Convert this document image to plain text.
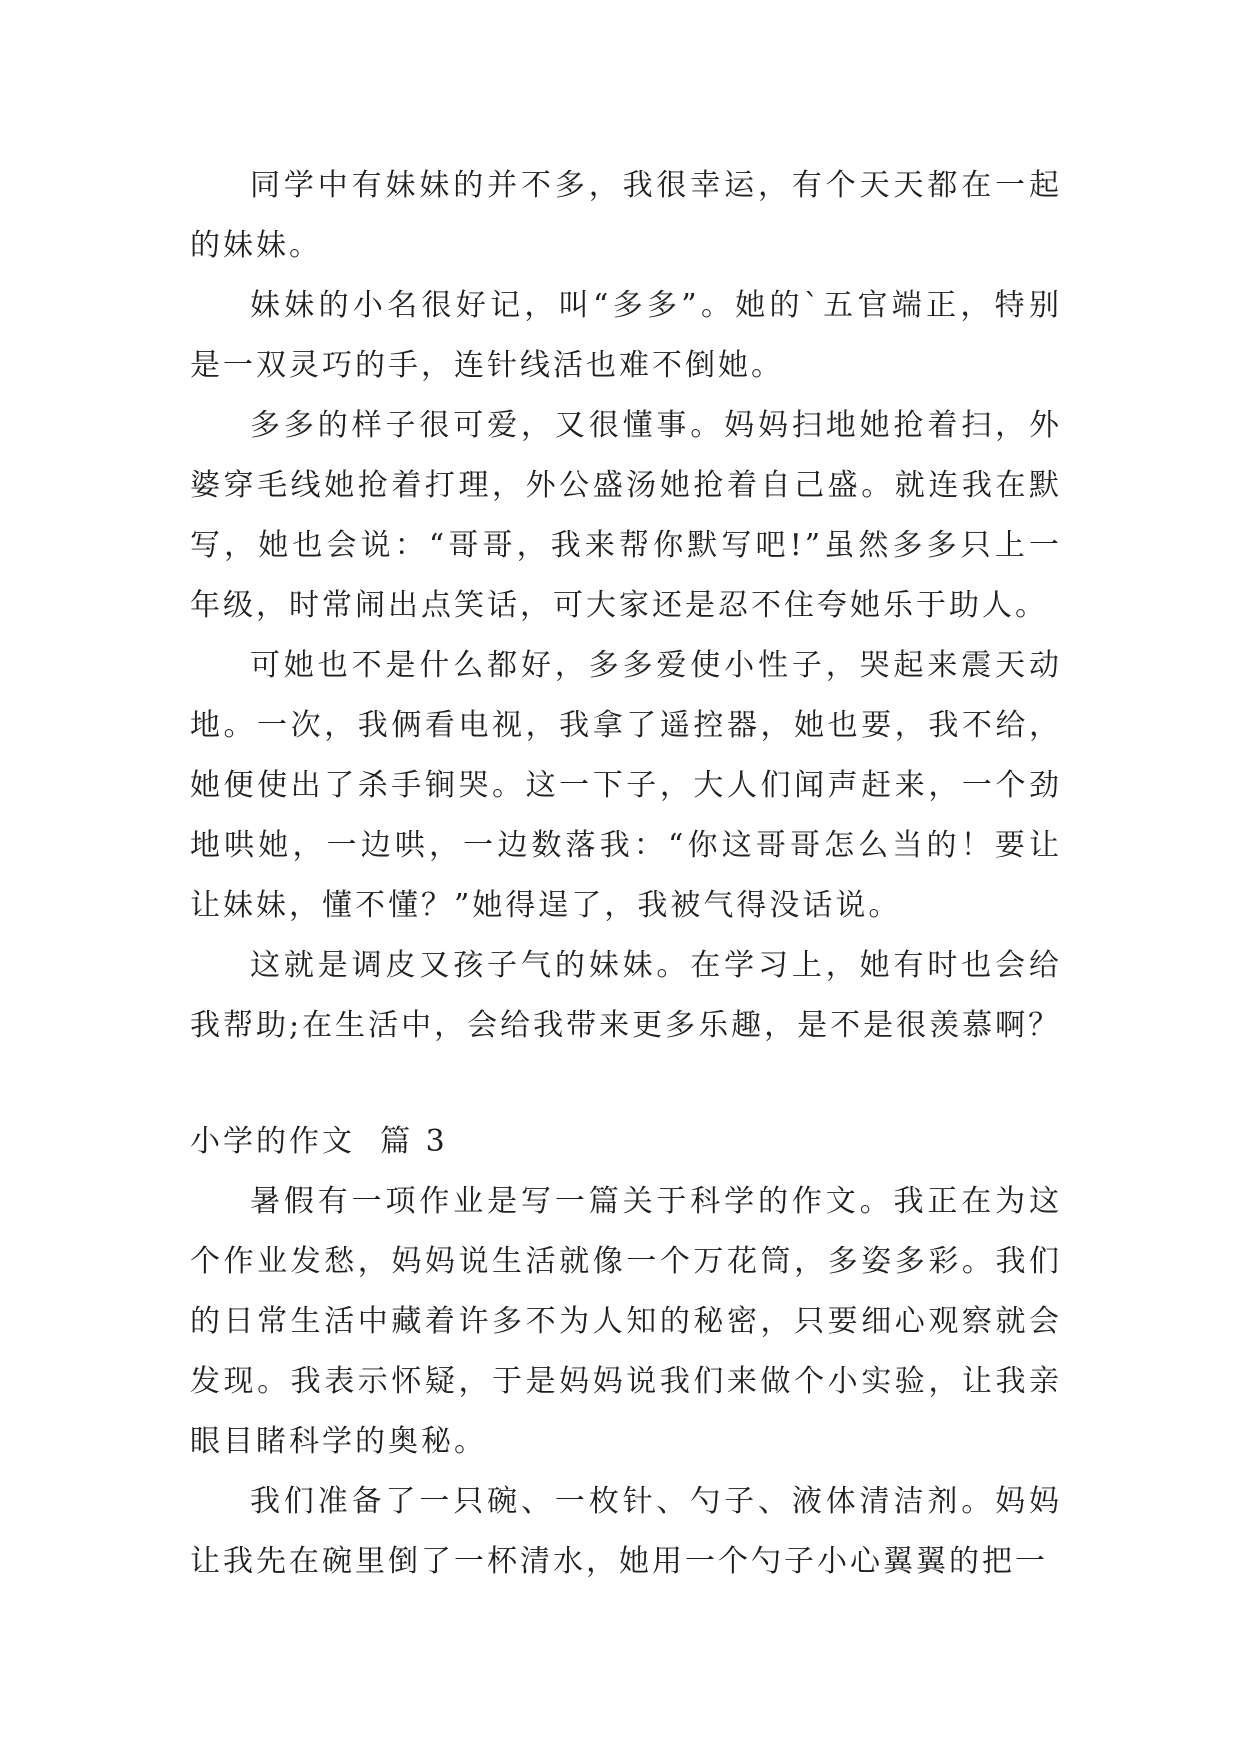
同学中有妹妹的并不多，我很幸运，有个天天都在一起的妹妹。

妹妹的小名很好记，叫“多多”。她的`五官端正，特别是一双灵巧的手，连针线活也难不倒她。

多多的样子很可爱，又很懂事。妈妈扫地她抢着扫，外婆穿毛线她抢着打理，外公盛汤她抢着自己盛。就连我在默写，她也会说：“哥哥，我来帮你默写吧!”虽然多多只上一年级，时常闹出点笑话，可大家还是忍不住夸她乐于助人。

可她也不是什么都好，多多爱使小性子，哭起来震天动地。一次，我俩看电视，我拿了遥控器，她也要，我不给，她便使出了杀手锏哭。这一下子，大人们闻声赶来，一个劲地哄她，一边哄，一边数落我：“你这哥哥怎么当的！要让让妹妹，懂不懂？”她得逞了，我被气得没话说。

这就是调皮又孩子气的妹妹。在学习上，她有时也会给我帮助;在生活中，会给我带来更多乐趣，是不是很羡慕啊？

小学的作文  篇 3

暑假有一项作业是写一篇关于科学的作文。我正在为这个作业发愁，妈妈说生活就像一个万花筒，多姿多彩。我们的日常生活中藏着许多不为人知的秘密，只要细心观察就会发现。我表示怀疑，于是妈妈说我们来做个小实验，让我亲眼目睹科学的奥秘。

我们准备了一只碗、一枚针、勺子、液体清洁剂。妈妈让我先在碗里倒了一杯清水，她用一个勺子小心翼翼的把一
